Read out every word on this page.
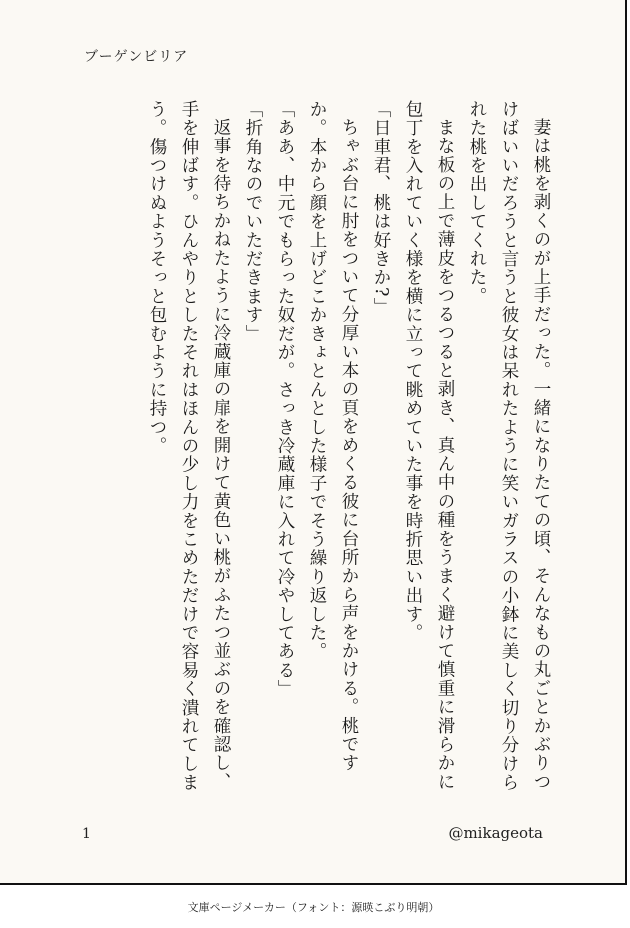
ブーゲンビリア

妻は桃を剥くのが上手だった。一緒になりたての頃、そんなもの丸ごとかぶりつけばいいだろうと言うと彼女は呆れたように笑いガラスの小鉢に美しく切り分けられた桃を出してくれた。

まな板の上で薄皮をつるつると剥き、真ん中の種をうまく避けて慎重に滑らかに包丁を入れていく様を横に立って眺めていた事を時折思い出す。

「日車君、桃は好きか?」

ちゃぶ台に肘をついて分厚い本の頁をめくる彼に台所から声をかける。桃ですか。本から顔を上げどこかきょとんとした様子でそう繰り返した。

「ああ、中元でもらった奴だが。さっき冷蔵庫に入れて冷やしてある」

「折角なのでいただきます」

返事を待ちかねたように冷蔵庫の扉を開けて黄色い桃がふたつ並ぶのを確認し、手を伸ばす。ひんやりとしたそれはほんの少し力をこめただけで容易く潰れてしまう。傷つけぬようそっと包むように持つ。

1	@mikageota
文庫ページメーカー（フォント：源暎こぶり明朝）
